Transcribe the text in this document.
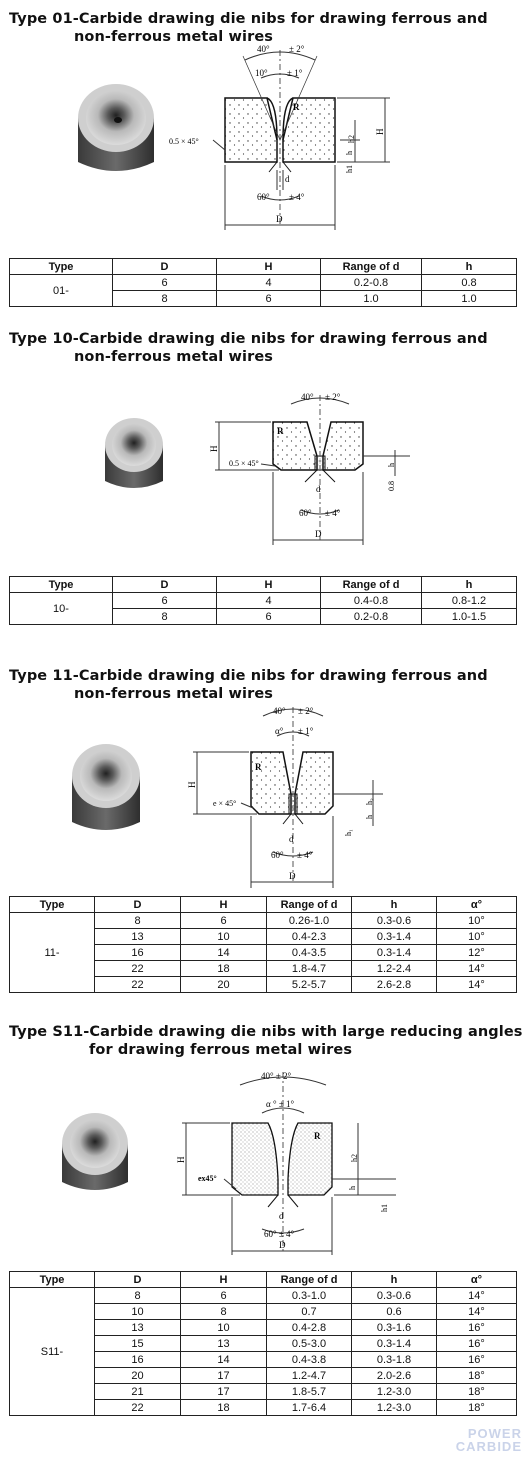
Type 01-Carbide drawing die nibs for drawing ferrous and
non-ferrous metal wires
40° ± 2°
10° ± 1°
R
0.5 × 45°
H
h2
h
h1
d
60° ± 4°
D
Type	D	H	Range of d	h
01-	6	4	0.2-0.8	0.8
	8	6	1.0	1.0
Type 10-Carbide drawing die nibs for drawing ferrous and
non-ferrous metal wires
40° ± 2°
R
0.5 × 45°
H
h
0.8
d
60° ± 4°
D
Type	D	H	Range of d	h
10-	6	4	0.4-0.8	0.8-1.2
	8	6	0.2-0.8	1.0-1.5
Type 11-Carbide drawing die nibs for drawing ferrous and
non-ferrous metal wires
40° ± 2°
α° ± 1°
R
e × 45°
H
h₂
h
h₁
d
60° ± 4°
D
Type	D	H	Range of d	h	α°
11-	8	6	0.26-1.0	0.3-0.6	10°
	13	10	0.4-2.3	0.3-1.4	10°
	16	14	0.4-3.5	0.3-1.4	12°
	22	18	1.8-4.7	1.2-2.4	14°
	22	20	5.2-5.7	2.6-2.8	14°
Type S11-Carbide drawing die nibs with large reducing angles
for drawing ferrous metal wires
40° ± 2°
α ° ± 1°
R
ex45°
H	h2
h
h1
d
60° ± 4°
D
Type	D	H	Range of d	h	α°
S11-	8	6	0.3-1.0	0.3-0.6	14°
	10	8	0.7	0.6	14°
	13	10	0.4-2.8	0.3-1.6	16°
	15	13	0.5-3.0	0.3-1.4	16°
	16	14	0.4-3.8	0.3-1.8	16°
	20	17	1.2-4.7	2.0-2.6	18°
	21	17	1.8-5.7	1.2-3.0	18°
	22	18	1.7-6.4	1.2-3.0	18°
POWER
CARBIDE
